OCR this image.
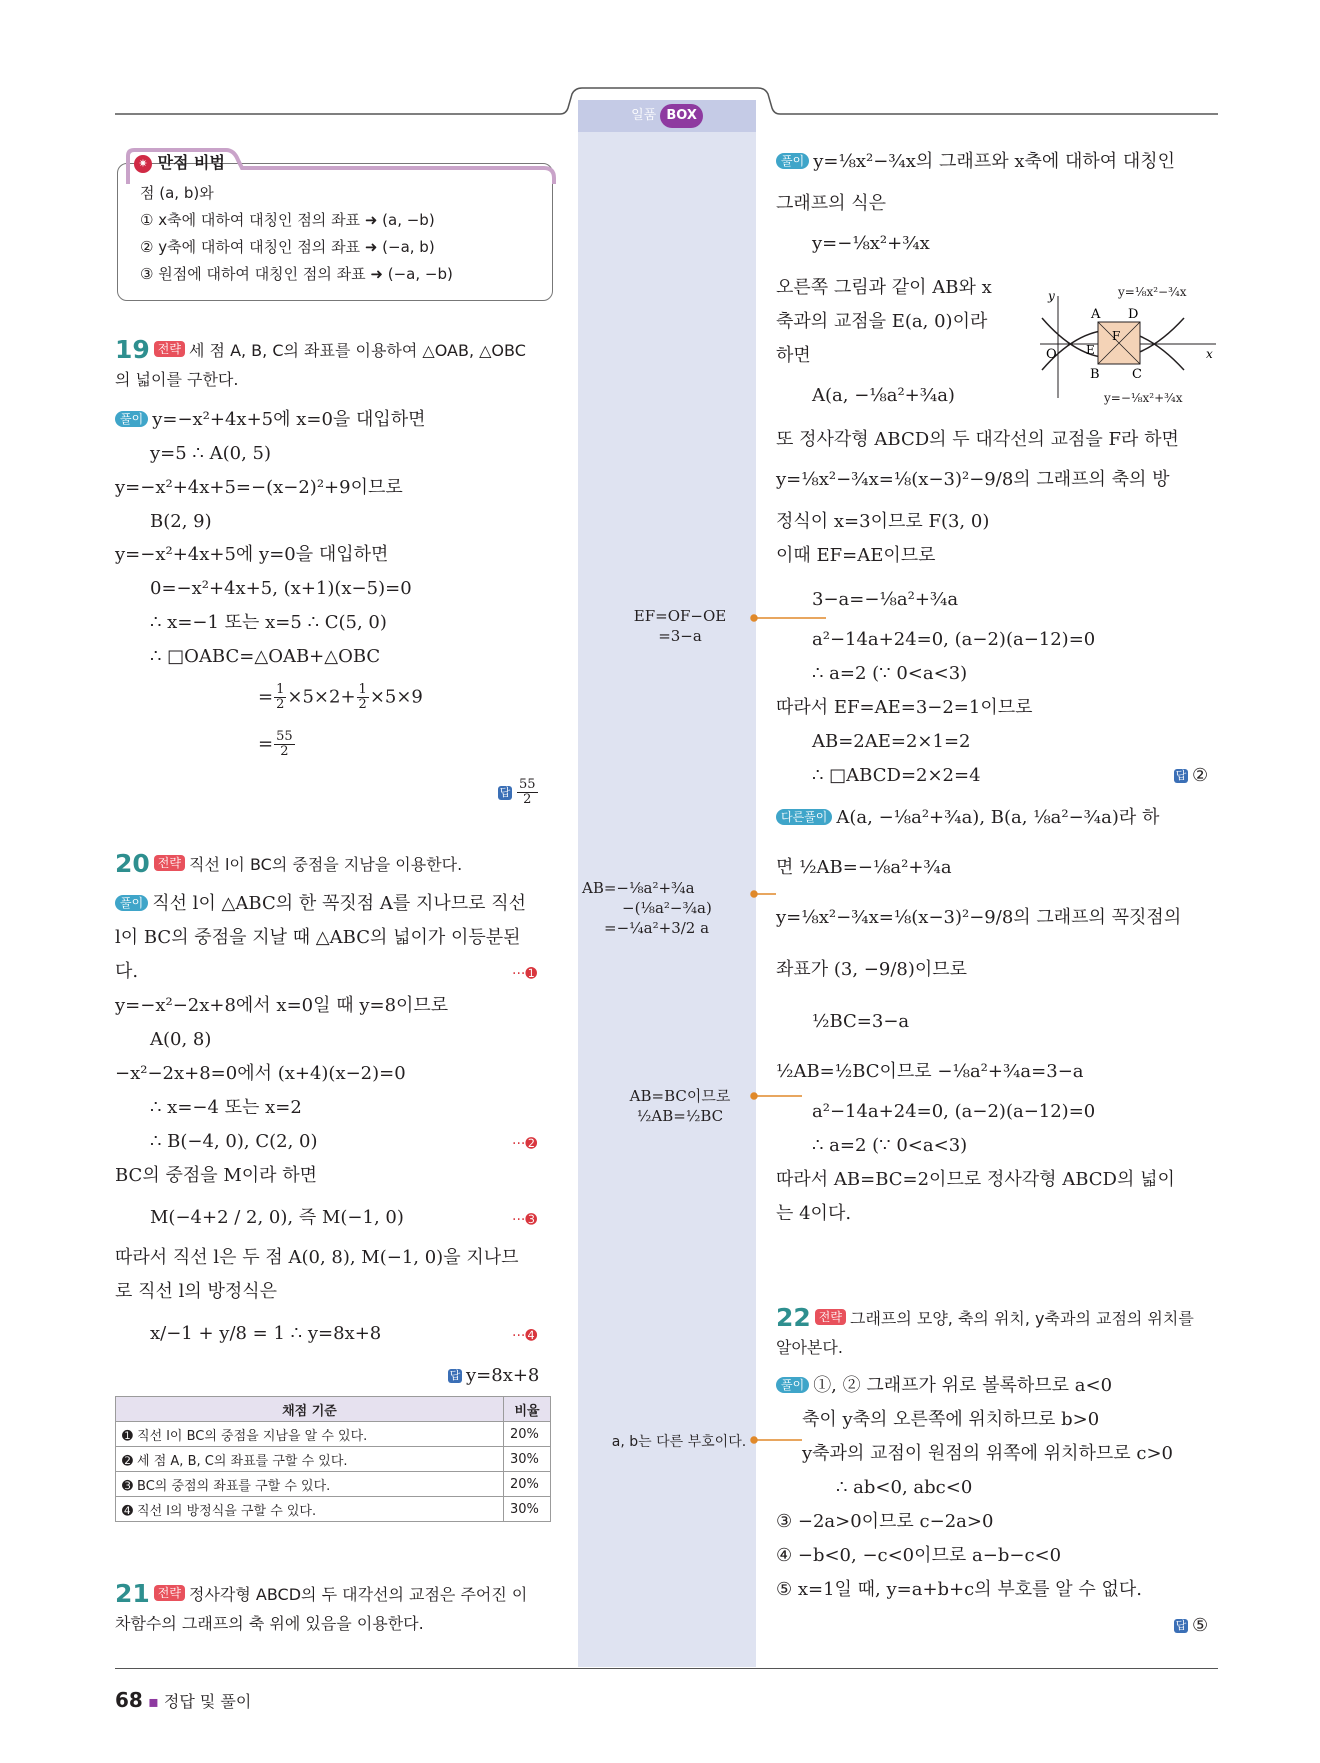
일품 BOX
✷ 만점 비법
점 (a, b)와
① x축에 대하여 대칭인 점의 좌표 ➜ (a, −b)
② y축에 대하여 대칭인 점의 좌표 ➜ (−a, b)
③ 원점에 대하여 대칭인 점의 좌표 ➜ (−a, −b)
19 전략 세 점 A, B, C의 좌표를 이용하여 △OAB, △OBC
의 넓이를 구한다.
풀이 y=−x²+4x+5에 x=0을 대입하면
y=5 ∴ A(0, 5)
y=−x²+4x+5=−(x−2)²+9이므로
B(2, 9)
y=−x²+4x+5에 y=0을 대입하면
0=−x²+4x+5, (x+1)(x−5)=0
∴ x=−1 또는 x=5 ∴ C(5, 0)
∴ □OABC=△OAB+△OBC
= $\frac{1}{2} \times 5\times 2+ \frac{1}{2} \times 5\times 9$
= $\frac{55}{2}$
답 $\frac{55}{2}$
20 전략 직선 l이 BC의 중점을 지남을 이용한다.
풀이 직선 l이 △ABC의 한 꼭짓점 A를 지나므로 직선
l이 BC의 중점을 지날 때 △ABC의 넓이가 이등분된
다.	···➊
y=−x²−2x+8에서 x=0일 때 y=8이므로
A(0, 8)
−x²−2x+8=0에서 (x+4)(x−2)=0
∴ x=−4 또는 x=2
∴ B(−4, 0), C(2, 0)	···➋
BC의 중점을 M이라 하면
M(−4+2 / 2, 0), 즉 M(−1, 0)	···➌
따라서 직선 l은 두 점 A(0, 8), M(−1, 0)을 지나므
로 직선 l의 방정식은
x/−1 + y/8 = 1 ∴ y=8x+8	···➍
답 y=8x+8
채점 기준	비율
➊ 직선 l이 BC의 중점을 지남을 알 수 있다.	20%
➋ 세 점 A, B, C의 좌표를 구할 수 있다.	30%
➌ BC의 중점의 좌표를 구할 수 있다.	20%
➍ 직선 l의 방정식을 구할 수 있다.	30%
21 전략 정사각형 ABCD의 두 대각선의 교점은 주어진 이
차함수의 그래프의 축 위에 있음을 이용한다.
풀이 y=⅛x²−¾x의 그래프와 x축에 대하여 대칭인
그래프의 식은
y=−⅛x²+¾x
오른쪽 그림과 같이 AB와 x
축과의 교점을 E(a, 0)이라
하면
A(a, −⅛a²+¾a)
A D
F
E
B C
O	x
y	y=⅛x²−¾x
y=−⅛x²+¾x
또 정사각형 ABCD의 두 대각선의 교점을 F라 하면
y=⅛x²−¾x=⅛(x−3)²−9/8의 그래프의 축의 방
정식이 x=3이므로 F(3, 0)
이때 EF=AE이므로
3−a=−⅛a²+¾a
a²−14a+24=0, (a−2)(a−12)=0
∴ a=2 (∵ 0<a<3)
따라서 EF=AE=3−2=1이므로
AB=2AE=2×1=2
∴ □ABCD=2×2=4	답 ②
다른풀이 A(a, −⅛a²+¾a), B(a, ⅛a²−¾a)라 하
면 ½AB=−⅛a²+¾a
y=⅛x²−¾x=⅛(x−3)²−9/8의 그래프의 꼭짓점의
좌표가 (3, −9/8)이므로
½BC=3−a
½AB=½BC이므로 −⅛a²+¾a=3−a
a²−14a+24=0, (a−2)(a−12)=0
∴ a=2 (∵ 0<a<3)
따라서 AB=BC=2이므로 정사각형 ABCD의 넓이
는 4이다.
22 전략 그래프의 모양, 축의 위치, y축과의 교점의 위치를
알아본다.
풀이 ①, ② 그래프가 위로 볼록하므로 a<0
축이 y축의 오른쪽에 위치하므로 b>0
y축과의 교점이 원점의 위쪽에 위치하므로 c>0
∴ ab<0, abc<0
③ −2a>0이므로 c−2a>0
④ −b<0, −c<0이므로 a−b−c<0
⑤ x=1일 때, y=a+b+c의 부호를 알 수 없다.
답 ⑤
EF=OF−OE
=3−a
AB=−⅛a²+¾a
−(⅛a²−¾a)
=−¼a²+3/2 a
AB=BC이므로
½AB=½BC
a, b는 다른 부호이다.
68 ▪ 정답 및 풀이
